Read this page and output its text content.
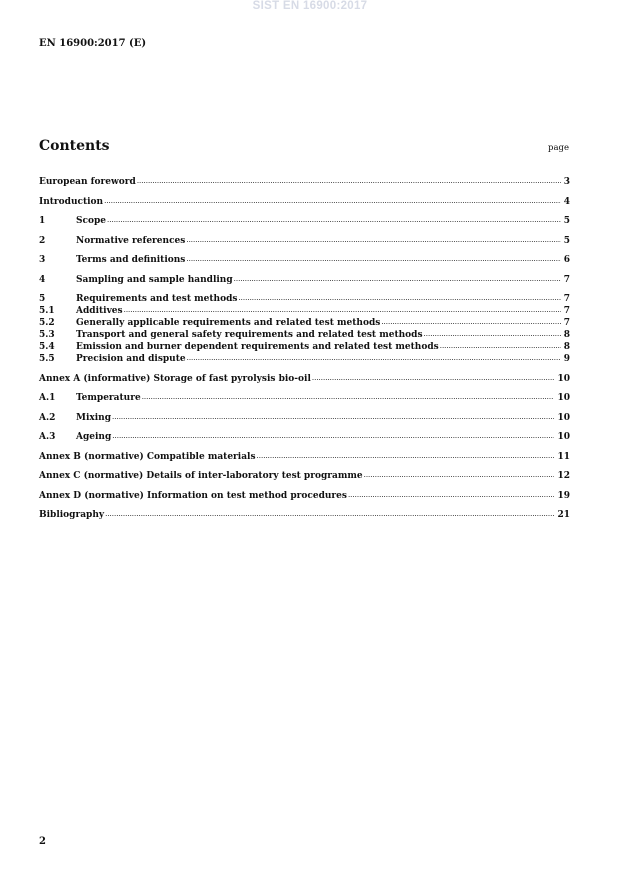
SIST EN 16900:2017
EN 16900:2017 (E)
Contents	page
European foreword .....	3
Introduction .....	4
1	Scope .....	5
2	Normative references .....	5
3	Terms and definitions .....	6
4	Sampling and sample handling .....	7
5	Requirements and test methods .....	7
5.1	Additives .....	7
5.2	Generally applicable requirements and related test methods .....	7
5.3	Transport and general safety requirements and related test methods .....	8
5.4	Emission and burner dependent requirements and related test methods .....	8
5.5	Precision and dispute .....	9
Annex A (informative) Storage of fast pyrolysis bio-oil .....	10
A.1	Temperature .....	10
A.2	Mixing .....	10
A.3	Ageing .....	10
Annex B (normative) Compatible materials .....	11
Annex C (normative) Details of inter-laboratory test programme .....	12
Annex D (normative) Information on test method procedures .....	19
Bibliography .....	21
2
